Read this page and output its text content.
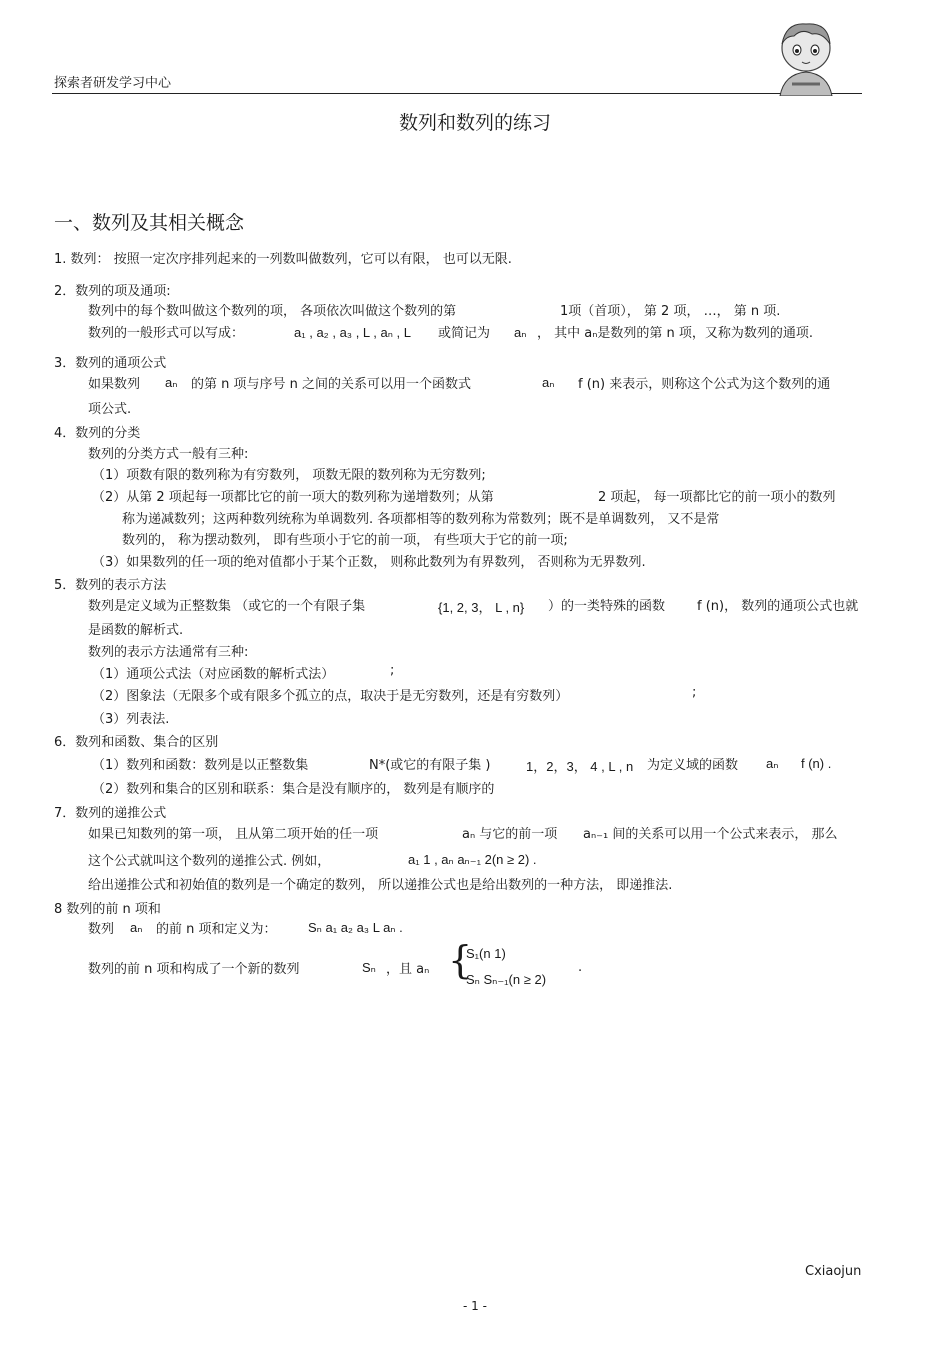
探索者研发学习中心
数列和数列的练习
一、数列及其相关概念
1. 数列： 按照一定次序排列起来的一列数叫做数列，它可以有限， 也可以无限.
2．数列的项及通项:
数列中的每个数叫做这个数列的项， 各项依次叫做这个数列的第	1项（首项）， 第 2 项， …， 第 n 项.
数列的一般形式可以写成：	a₁ , a₂ , a₃ , L , aₙ , L 或简记为 aₙ ， 其中 aₙ是数列的第 n 项，又称为数列的通项.
3．数列的通项公式
如果数列 aₙ 的第 n 项与序号 n 之间的关系可以用一个函数式	aₙ f (n) 来表示，则称这个公式为这个数列的通
项公式.
4．数列的分类
数列的分类方式一般有三种:
（1）项数有限的数列称为有穷数列， 项数无限的数列称为无穷数列;
（2）从第 2 项起每一项都比它的前一项大的数列称为递增数列；从第	2 项起， 每一项都比它的前一项小的数列
称为递减数列；这两种数列统称为单调数列. 各项都相等的数列称为常数列；既不是单调数列， 又不是常
数列的， 称为摆动数列， 即有些项小于它的前一项， 有些项大于它的前一项;
（3）如果数列的任一项的绝对值都小于某个正数， 则称此数列为有界数列， 否则称为无界数列.
5．数列的表示方法
数列是定义域为正整数集 （或它的一个有限子集	{1, 2, 3， L , n} ）的一类特殊的函数 f (n)， 数列的通项公式也就
是函数的解析式.
数列的表示方法通常有三种:
（1）通项公式法（对应函数的解析式法）	;
（2）图象法（无限多个或有限多个孤立的点，取决于是无穷数列，还是有穷数列）	;
（3）列表法.
6．数列和函数、集合的区别
（1）数列和函数：数列是以正整数集	N*(或它的有限子集 )	1，2，3， 4 , L , n 为定义域的函数 aₙ f (n) .
（2）数列和集合的区别和联系：集合是没有顺序的， 数列是有顺序的
7．数列的递推公式
如果已知数列的第一项， 且从第二项开始的任一项	aₙ 与它的前一项 aₙ₋₁ 间的关系可以用一个公式来表示， 那么
这个公式就叫这个数列的递推公式. 例如，	a₁ 1 , aₙ aₙ₋₁ 2(n ≥ 2) .
给出递推公式和初始值的数列是一个确定的数列， 所以递推公式也是给出数列的一种方法， 即递推法.
8 数列的前 n 项和
数列 aₙ 的前 n 项和定义为： Sₙ a₁ a₂ a₃ L aₙ .
数列的前 n 项和构成了一个新的数列	Sₙ ，且 aₙ {
S₁(n 1)
Sₙ Sₙ₋₁(n ≥ 2)
.
Cxiaojun
- 1 -
